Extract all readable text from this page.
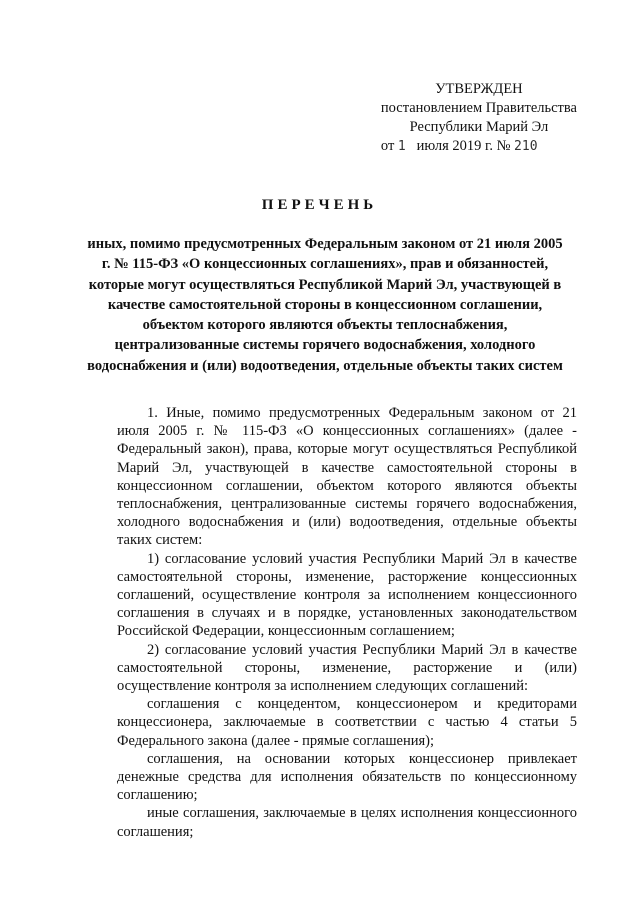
УТВЕРЖДЕН
постановлением Правительства
Республики Марий Эл
от 1 июля 2019 г. № 210
ПЕРЕЧЕНЬ
иных, помимо предусмотренных Федеральным законом от 21 июля 2005 г. № 115-ФЗ «О концессионных соглашениях», прав и обязанностей, которые могут осуществляться Республикой Марий Эл, участвующей в качестве самостоятельной стороны в концессионном соглашении, объектом которого являются объекты теплоснабжения, централизованные системы горячего водоснабжения, холодного водоснабжения и (или) водоотведения, отдельные объекты таких систем

1. Иные, помимо предусмотренных Федеральным законом от 21 июля 2005 г. № 115-ФЗ «О концессионных соглашениях» (далее - Федеральный закон), права, которые могут осуществляться Республикой Марий Эл, участвующей в качестве самостоятельной стороны в концессионном соглашении, объектом которого являются объекты теплоснабжения, централизованные системы горячего водоснабжения, холодного водоснабжения и (или) водоотведения, отдельные объекты таких систем:

1) согласование условий участия Республики Марий Эл в качестве самостоятельной стороны, изменение, расторжение концессионных соглашений, осуществление контроля за исполнением концессионного соглашения в случаях и в порядке, установленных законодательством Российской Федерации, концессионным соглашением;

2) согласование условий участия Республики Марий Эл в качестве самостоятельной стороны, изменение, расторжение и (или) осуществление контроля за исполнением следующих соглашений:

соглашения с концедентом, концессионером и кредиторами концессионера, заключаемые в соответствии с частью 4 статьи 5 Федерального закона (далее - прямые соглашения);

соглашения, на основании которых концессионер привлекает денежные средства для исполнения обязательств по концессионному соглашению;

иные соглашения, заключаемые в целях исполнения концессионного соглашения;
